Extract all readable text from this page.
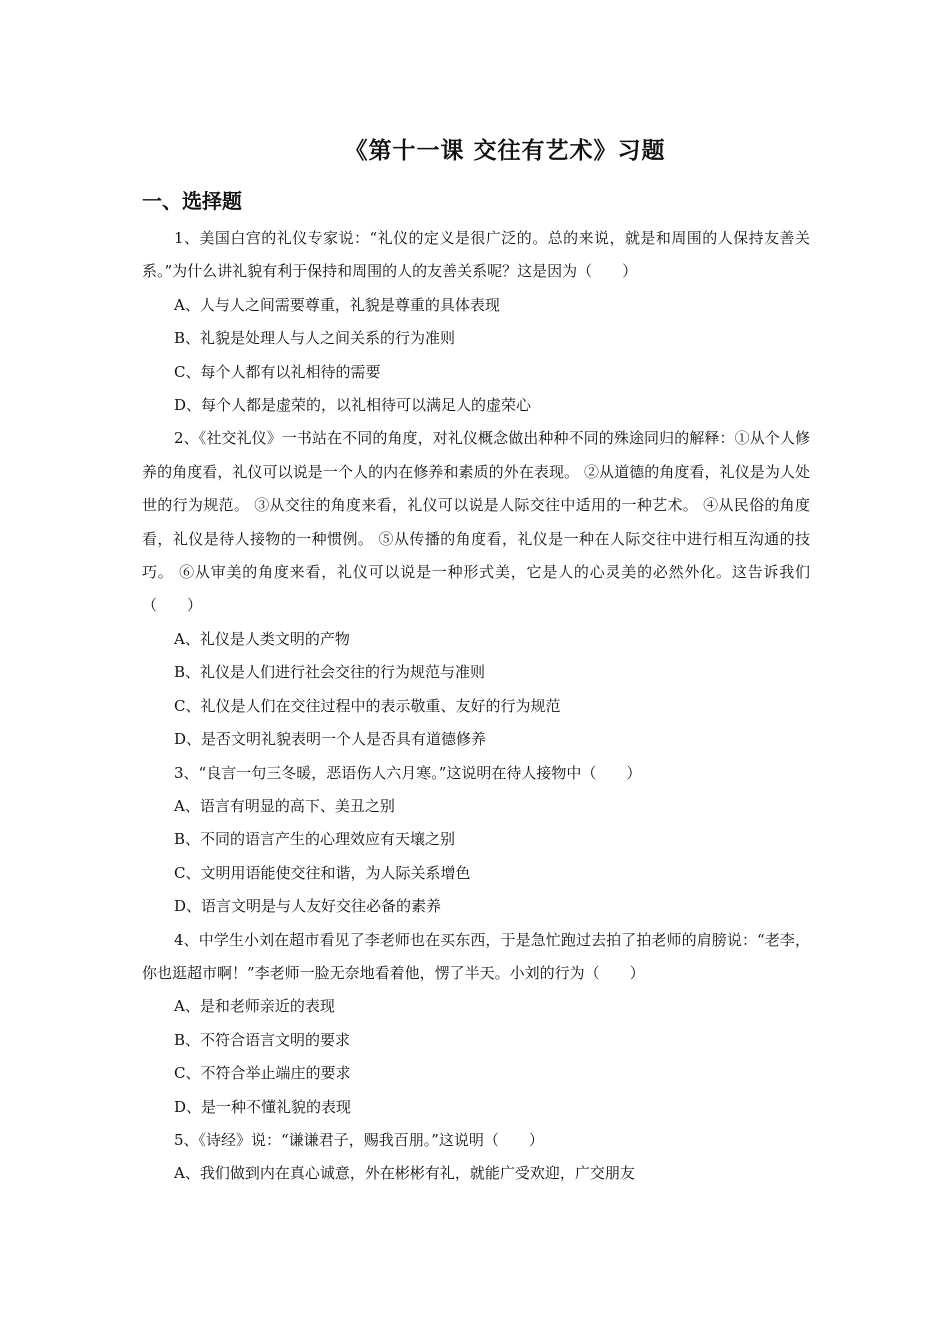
《第十一课 交往有艺术》习题
一、选择题

1、美国白宫的礼仪专家说：“礼仪的定义是很广泛的。总的来说，就是和周围的人保持友善关系。”为什么讲礼貌有利于保持和周围的人的友善关系呢？这是因为（　　）

A、人与人之间需要尊重，礼貌是尊重的具体表现

B、礼貌是处理人与人之间关系的行为准则

C、每个人都有以礼相待的需要

D、每个人都是虚荣的，以礼相待可以满足人的虚荣心

2、《社交礼仪》一书站在不同的角度，对礼仪概念做出种种不同的殊途同归的解释：①从个人修养的角度看，礼仪可以说是一个人的内在修养和素质的外在表现。 ②从道德的角度看，礼仪是为人处世的行为规范。 ③从交往的角度来看，礼仪可以说是人际交往中适用的一种艺术。 ④从民俗的角度看，礼仪是待人接物的一种惯例。 ⑤从传播的角度看，礼仪是一种在人际交往中进行相互沟通的技巧。 ⑥从审美的角度来看，礼仪可以说是一种形式美，它是人的心灵美的必然外化。这告诉我们（　　）

A、礼仪是人类文明的产物

B、礼仪是人们进行社会交往的行为规范与准则

C、礼仪是人们在交往过程中的表示敬重、友好的行为规范

D、是否文明礼貌表明一个人是否具有道德修养

3、“良言一句三冬暖，恶语伤人六月寒。”这说明在待人接物中（　　）

A、语言有明显的高下、美丑之别

B、不同的语言产生的心理效应有天壤之别

C、文明用语能使交往和谐，为人际关系增色

D、语言文明是与人友好交往必备的素养

4、中学生小刘在超市看见了李老师也在买东西，于是急忙跑过去拍了拍老师的肩膀说：“老李，你也逛超市啊！”李老师一脸无奈地看着他，愣了半天。小刘的行为（　　）

A、是和老师亲近的表现

B、不符合语言文明的要求

C、不符合举止端庄的要求

D、是一种不懂礼貌的表现

5、《诗经》说：“谦谦君子，赐我百朋。”这说明（　　）

A、我们做到内在真心诚意，外在彬彬有礼，就能广受欢迎，广交朋友
